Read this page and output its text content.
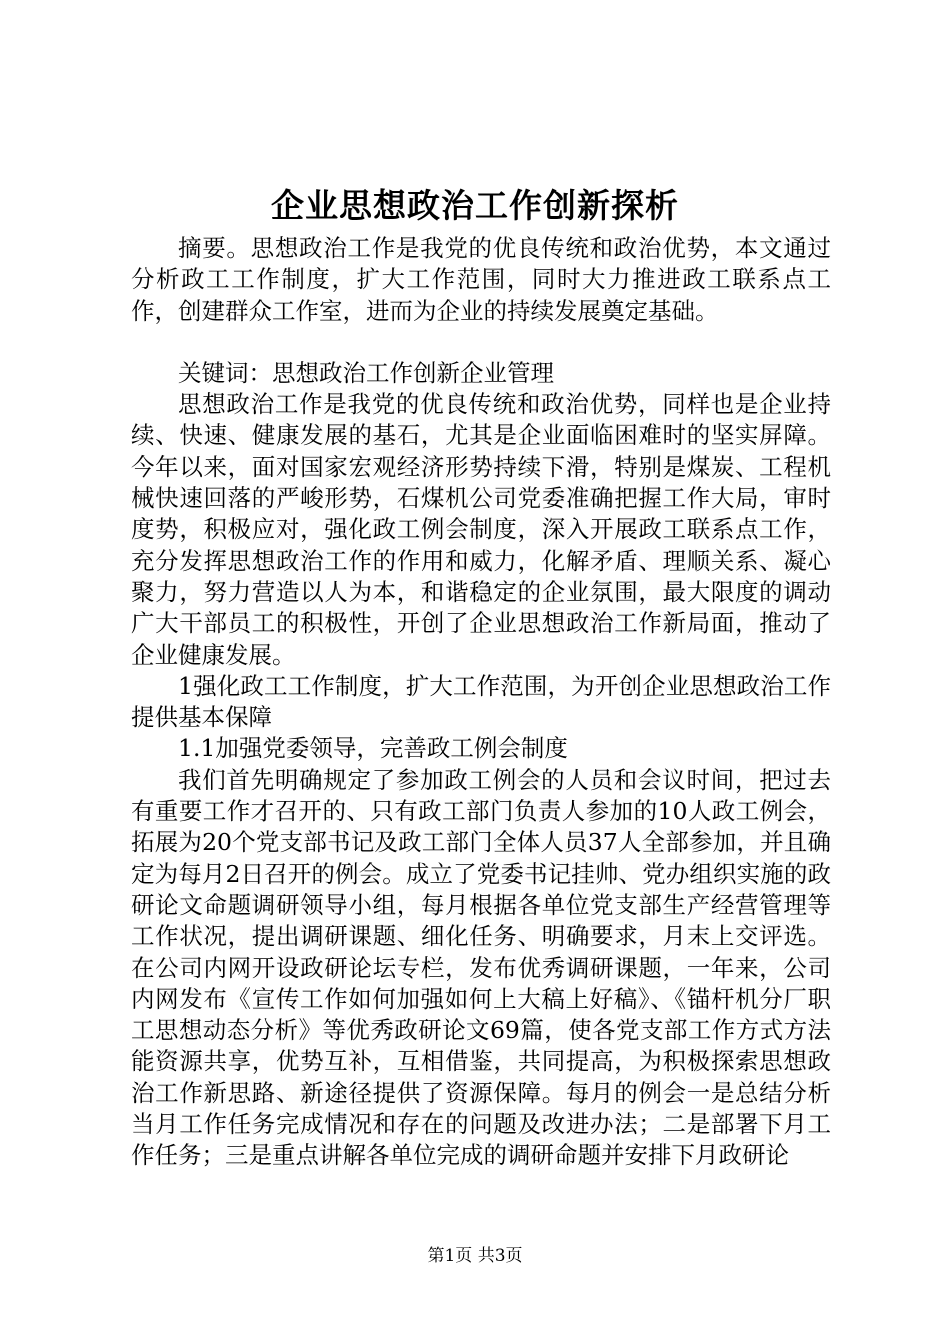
企业思想政治工作创新探析

摘要。思想政治工作是我党的优良传统和政治优势，本文通过分析政工工作制度，扩大工作范围，同时大力推进政工联系点工作，创建群众工作室，进而为企业的持续发展奠定基础。

关键词：思想政治工作创新企业管理

思想政治工作是我党的优良传统和政治优势，同样也是企业持续、快速、健康发展的基石，尤其是企业面临困难时的坚实屏障。今年以来，面对国家宏观经济形势持续下滑，特别是煤炭、工程机械快速回落的严峻形势，石煤机公司党委准确把握工作大局，审时度势，积极应对，强化政工例会制度，深入开展政工联系点工作，充分发挥思想政治工作的作用和威力，化解矛盾、理顺关系、凝心聚力，努力营造以人为本，和谐稳定的企业氛围，最大限度的调动广大干部员工的积极性，开创了企业思想政治工作新局面，推动了企业健康发展。

1强化政工工作制度，扩大工作范围，为开创企业思想政治工作提供基本保障

1.1加强党委领导，完善政工例会制度

我们首先明确规定了参加政工例会的人员和会议时间，把过去有重要工作才召开的、只有政工部门负责人参加的10人政工例会，拓展为20个党支部书记及政工部门全体人员37人全部参加，并且确定为每月2日召开的例会。成立了党委书记挂帅、党办组织实施的政研论文命题调研领导小组，每月根据各单位党支部生产经营管理等工作状况，提出调研课题、细化任务、明确要求，月末上交评选。在公司内网开设政研论坛专栏，发布优秀调研课题，一年来，公司内网发布《宣传工作如何加强如何上大稿上好稿》、《锚杆机分厂职工思想动态分析》等优秀政研论文69篇，使各党支部工作方式方法能资源共享，优势互补，互相借鉴，共同提高，为积极探索思想政治工作新思路、新途径提供了资源保障。每月的例会一是总结分析当月工作任务完成情况和存在的问题及改进办法；二是部署下月工作任务；三是重点讲解各单位完成的调研命题并安排下月政研论

第1页 共3页
